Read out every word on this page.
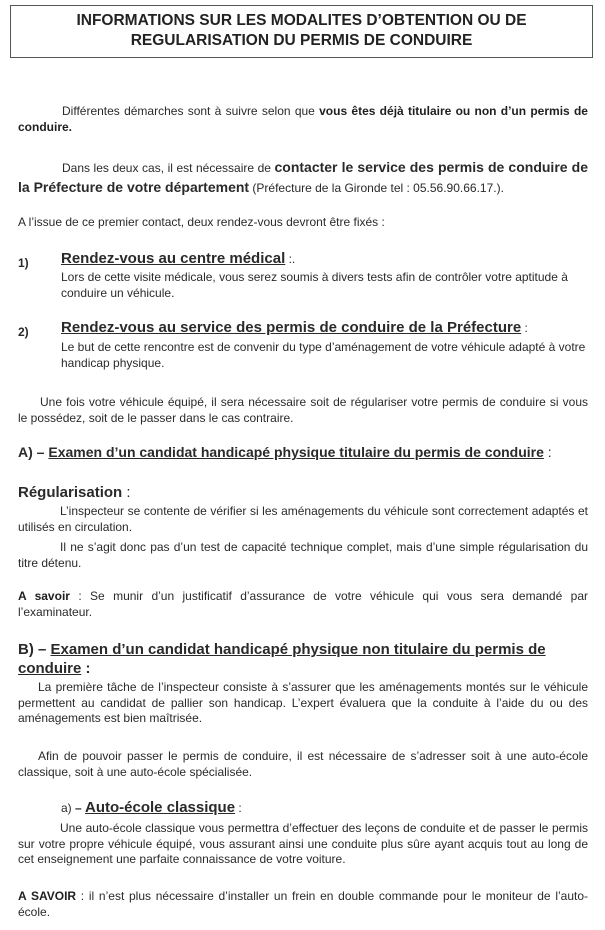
INFORMATIONS SUR LES MODALITES D’OBTENTION OU DE
REGULARISATION DU PERMIS DE CONDUIRE
Différentes démarches sont à suivre selon que vous êtes déjà titulaire ou non d’un permis de conduire.
Dans les deux cas, il est nécessaire de contacter le service des permis de conduire de la Préfecture de votre département (Préfecture de la Gironde tel : 05.56.90.66.17.).
A l’issue de ce premier contact, deux rendez-vous devront être fixés :
1) Rendez-vous au centre médical :.
Lors de cette visite médicale, vous serez soumis à divers tests afin de contrôler votre aptitude à conduire un véhicule.
2) Rendez-vous au service des permis de conduire de la Préfecture :
Le but de cette rencontre est de convenir du type d’aménagement de votre véhicule adapté à votre handicap physique.
Une fois votre véhicule équipé, il sera nécessaire soit de régulariser votre permis de conduire si vous le possédez, soit de le passer dans le cas contraire.
A) – Examen d’un candidat handicapé physique titulaire du permis de conduire :
Régularisation :
L’inspecteur se contente de vérifier si les aménagements du véhicule sont correctement adaptés et utilisés en circulation.
Il ne s’agit donc pas d’un test de capacité technique complet, mais d’une simple régularisation du titre détenu.
A savoir : Se munir d’un justificatif d’assurance de votre véhicule qui vous sera demandé par l’examinateur.
B) – Examen d’un candidat handicapé physique non titulaire du permis de conduire :
La première tâche de l’inspecteur consiste à s’assurer que les aménagements montés sur le véhicule permettent au candidat de pallier son handicap. L’expert évaluera que la conduite à l’aide du ou des aménagements est bien maîtrisée.
Afin de pouvoir passer le permis de conduire, il est nécessaire de s’adresser soit à une auto-école classique, soit à une auto-école spécialisée.
a) – Auto-école classique :
Une auto-école classique vous permettra d’effectuer des leçons de conduite et de passer le permis sur votre propre véhicule équipé, vous assurant ainsi une conduite plus sûre ayant acquis tout au long de cet enseignement une parfaite connaissance de votre voiture.
A SAVOIR : il n’est plus nécessaire d’installer un frein en double commande pour le moniteur de l’auto-école.
